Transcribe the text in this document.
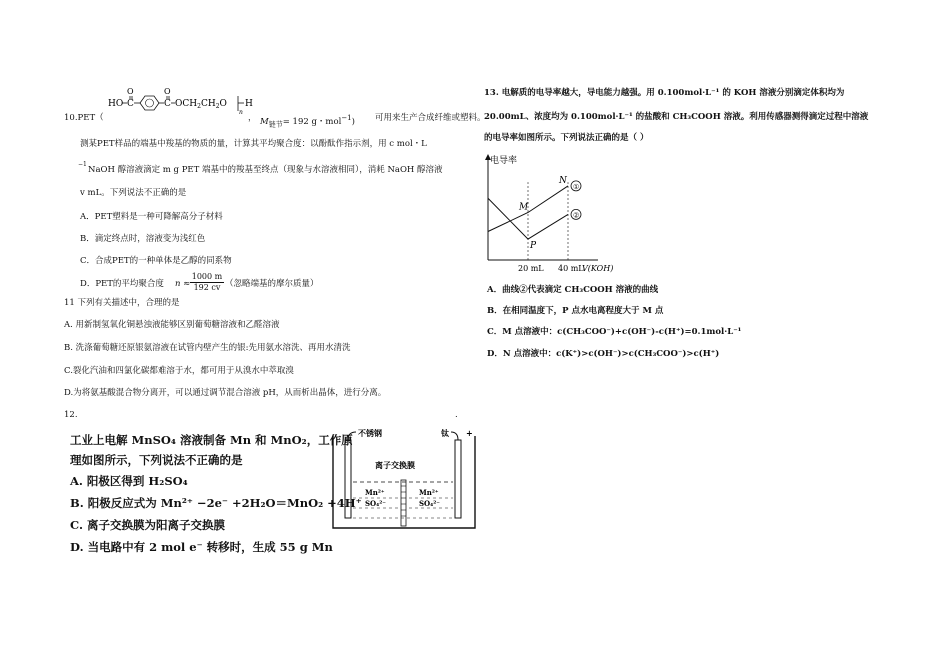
HO C
O
C
O
$OCH_2CH_2O$ H
n
10.PET（	， $M_{链节}= 192$ g・mol$^{-1}$) 可用来生产合成纤维或塑料。
测某PET样品的端基中羧基的物质的量，计算其平均聚合度：以酚酞作指示剂，用 c mol・L
−1
NaOH 醇溶液滴定 m g PET 端基中的羧基至终点（现象与水溶液相同），消耗 NaOH 醇溶液
v mL。下列说法不正确的是
A．PET塑料是一种可降解高分子材料
B．滴定终点时，溶液变为浅红色
C．合成PET的一种单体是乙醇的同系物
D．PET的平均聚合度 $n \approx \frac{1000 m}{192 cv}$ （忽略端基的摩尔质量）
11 下列有关描述中，合理的是
A. 用新制氢氧化铜悬浊液能够区别葡萄糖溶液和乙醛溶液
B. 洗涤葡萄糖还原银氨溶液在试管内壁产生的银:先用氨水溶洗、再用水清洗
C.裂化汽油和四氯化碳都难溶于水，都可用于从溴水中萃取溴
D.为将氨基酸混合物分离开，可以通过调节混合溶液 pH，从而析出晶体，进行分离。
12.	.
工业上电解 MnSO₄ 溶液制备 Mn 和 MnO₂，工作原
理如图所示，下列说法不正确的是
A. 阳极区得到 H₂SO₄
B. 阳极反应式为 Mn²⁺ −2e⁻ +2H₂O＝MnO₂ +4H⁺
C. 离子交换膜为阳离子交换膜
D. 当电路中有 2 mol e⁻ 转移时，生成 55 g Mn
不锈钢	钛 +
离子交换膜
Mn²⁺
SO₄²⁻
Mn²⁺
SO₄²⁻
13. 电解质的电导率越大，导电能力越强。用 0.100mol·L⁻¹ 的 KOH 溶液分别滴定体积均为
20.00mL、浓度均为 0.100mol·L⁻¹ 的盐酸和 CH₃COOH 溶液。利用传感器测得滴定过程中溶液
的电导率如图所示。下列说法正确的是（ ）
电导率
20 mL 40 mL
V(KOH)
①
②
M
N
P
A．曲线②代表滴定 CH₃COOH 溶液的曲线
B．在相同温度下，P 点水电离程度大于 M 点
C．M 点溶液中：c(CH₃COO⁻)+c(OH⁻)-c(H⁺)=0.1mol·L⁻¹
D．N 点溶液中：c(K⁺)>c(OH⁻)>c(CH₃COO⁻)>c(H⁺)
